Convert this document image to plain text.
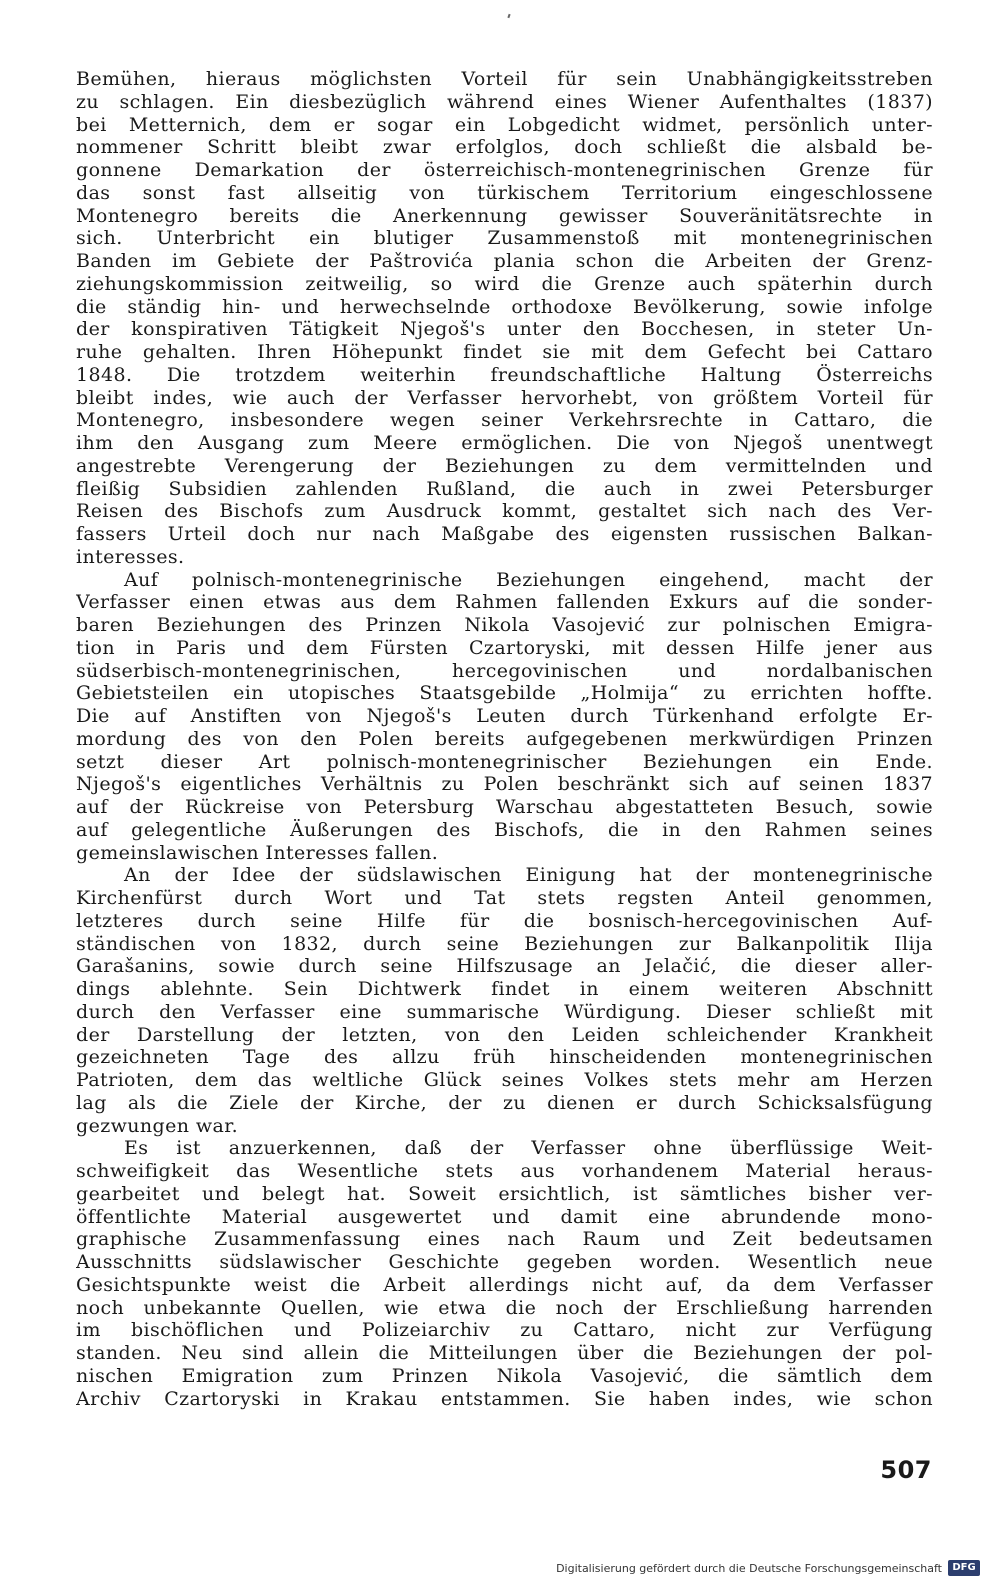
Bemühen, hieraus möglichsten Vorteil für sein Unabhängigkeitsstreben
zu schlagen. Ein diesbezüglich während eines Wiener Aufenthaltes (1837)
bei Metternich, dem er sogar ein Lobgedicht widmet, persönlich unter-
nommener Schritt bleibt zwar erfolglos, doch schließt die alsbald be-
gonnene Demarkation der österreichisch-montenegrinischen Grenze für
das sonst fast allseitig von türkischem Territorium eingeschlossene
Montenegro bereits die Anerkennung gewisser Souveränitätsrechte in
sich. Unterbricht ein blutiger Zusammenstoß mit montenegrinischen
Banden im Gebiete der Paštrovića plania schon die Arbeiten der Grenz-
ziehungskommission zeitweilig, so wird die Grenze auch späterhin durch
die ständig hin- und herwechselnde orthodoxe Bevölkerung, sowie infolge
der konspirativen Tätigkeit Njegoš's unter den Bocchesen, in steter Un-
ruhe gehalten. Ihren Höhepunkt findet sie mit dem Gefecht bei Cattaro
1848. Die trotzdem weiterhin freundschaftliche Haltung Österreichs
bleibt indes, wie auch der Verfasser hervorhebt, von größtem Vorteil für
Montenegro, insbesondere wegen seiner Verkehrsrechte in Cattaro, die
ihm den Ausgang zum Meere ermöglichen. Die von Njegoš unentwegt
angestrebte Verengerung der Beziehungen zu dem vermittelnden und
fleißig Subsidien zahlenden Rußland, die auch in zwei Petersburger
Reisen des Bischofs zum Ausdruck kommt, gestaltet sich nach des Ver-
fassers Urteil doch nur nach Maßgabe des eigensten russischen Balkan-
interesses.
Auf polnisch-montenegrinische Beziehungen eingehend, macht der
Verfasser einen etwas aus dem Rahmen fallenden Exkurs auf die sonder-
baren Beziehungen des Prinzen Nikola Vasojević zur polnischen Emigra-
tion in Paris und dem Fürsten Czartoryski, mit dessen Hilfe jener aus
südserbisch-montenegrinischen, hercegovinischen und nordalbanischen
Gebietsteilen ein utopisches Staatsgebilde „Holmija“ zu errichten hoffte.
Die auf Anstiften von Njegoš's Leuten durch Türkenhand erfolgte Er-
mordung des von den Polen bereits aufgegebenen merkwürdigen Prinzen
setzt dieser Art polnisch-montenegrinischer Beziehungen ein Ende.
Njegoš's eigentliches Verhältnis zu Polen beschränkt sich auf seinen 1837
auf der Rückreise von Petersburg Warschau abgestatteten Besuch, sowie
auf gelegentliche Äußerungen des Bischofs, die in den Rahmen seines
gemeinslawischen Interesses fallen.
An der Idee der südslawischen Einigung hat der montenegrinische
Kirchenfürst durch Wort und Tat stets regsten Anteil genommen,
letzteres durch seine Hilfe für die bosnisch-hercegovinischen Auf-
ständischen von 1832, durch seine Beziehungen zur Balkanpolitik Ilija
Garašanins, sowie durch seine Hilfszusage an Jelačić, die dieser aller-
dings ablehnte. Sein Dichtwerk findet in einem weiteren Abschnitt
durch den Verfasser eine summarische Würdigung. Dieser schließt mit
der Darstellung der letzten, von den Leiden schleichender Krankheit
gezeichneten Tage des allzu früh hinscheidenden montenegrinischen
Patrioten, dem das weltliche Glück seines Volkes stets mehr am Herzen
lag als die Ziele der Kirche, der zu dienen er durch Schicksalsfügung
gezwungen war.
Es ist anzuerkennen, daß der Verfasser ohne überflüssige Weit-
schweifigkeit das Wesentliche stets aus vorhandenem Material heraus-
gearbeitet und belegt hat. Soweit ersichtlich, ist sämtliches bisher ver-
öffentlichte Material ausgewertet und damit eine abrundende mono-
graphische Zusammenfassung eines nach Raum und Zeit bedeutsamen
Ausschnitts südslawischer Geschichte gegeben worden. Wesentlich neue
Gesichtspunkte weist die Arbeit allerdings nicht auf, da dem Verfasser
noch unbekannte Quellen, wie etwa die noch der Erschließung harrenden
im bischöflichen und Polizeiarchiv zu Cattaro, nicht zur Verfügung
standen. Neu sind allein die Mitteilungen über die Beziehungen der pol-
nischen Emigration zum Prinzen Nikola Vasojević, die sämtlich dem
Archiv Czartoryski in Krakau entstammen. Sie haben indes, wie schon
507
Digitalisierung gefördert durch die Deutsche Forschungsgemeinschaft	DFG
